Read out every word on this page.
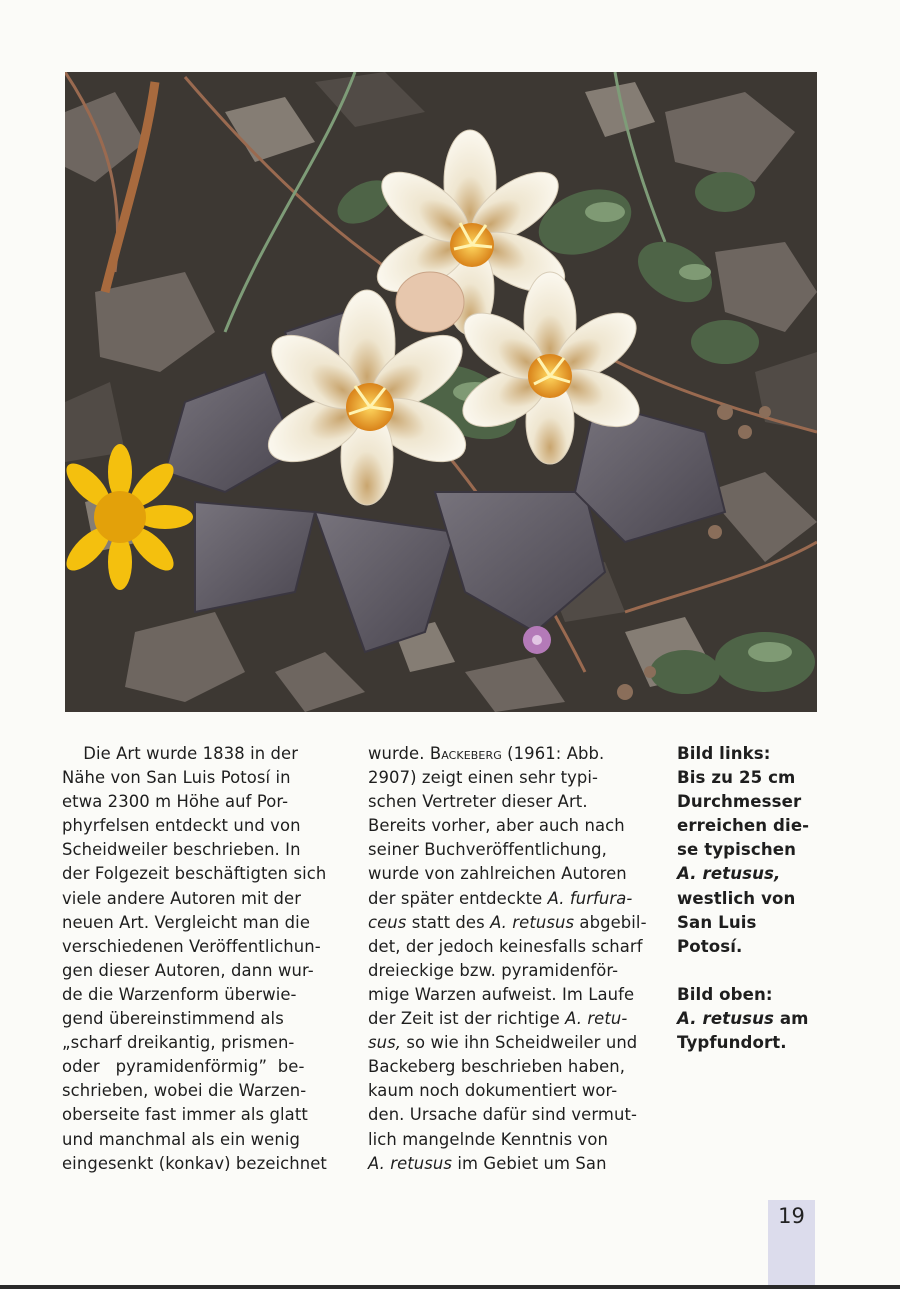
Die Art wurde 1838 in der

Nähe von San Luis Potosí in

etwa 2300 m Höhe auf Por-

phyrfelsen entdeckt und von

Scheidweiler beschrieben. In

der Folgezeit beschäftigten sich

viele andere Autoren mit der

neuen Art. Vergleicht man die

verschiedenen Veröffentlichun-

gen dieser Autoren, dann wur-

de die Warzenform überwie-

gend übereinstimmend als

„scharf dreikantig, prismen-

oder   pyramidenförmig”  be-

schrieben, wobei die Warzen-

oberseite fast immer als glatt

und manchmal als ein wenig

eingesenkt (konkav) bezeichnet

wurde. Backeberg (1961: Abb.

2907) zeigt einen sehr typi-

schen Vertreter dieser Art.

Bereits vorher, aber auch nach

seiner Buchveröffentlichung,

wurde von zahlreichen Autoren

der später entdeckte A. furfura-

ceus statt des A. retusus abgebil-

det, der jedoch keinesfalls scharf

dreieckige bzw. pyramidenför-

mige Warzen aufweist. Im Laufe

der Zeit ist der richtige A. retu-

sus, so wie ihn Scheidweiler und

Backeberg beschrieben haben,

kaum noch dokumentiert wor-

den. Ursache dafür sind vermut-

lich mangelnde Kenntnis von

A. retusus im Gebiet um San

Bild links:
Bis zu 25 cm
Durchmesser
erreichen die-
se typischen
A. retusus,
westlich von
San Luis
Potosí.

Bild oben:
A. retusus am
Typfundort.

19
